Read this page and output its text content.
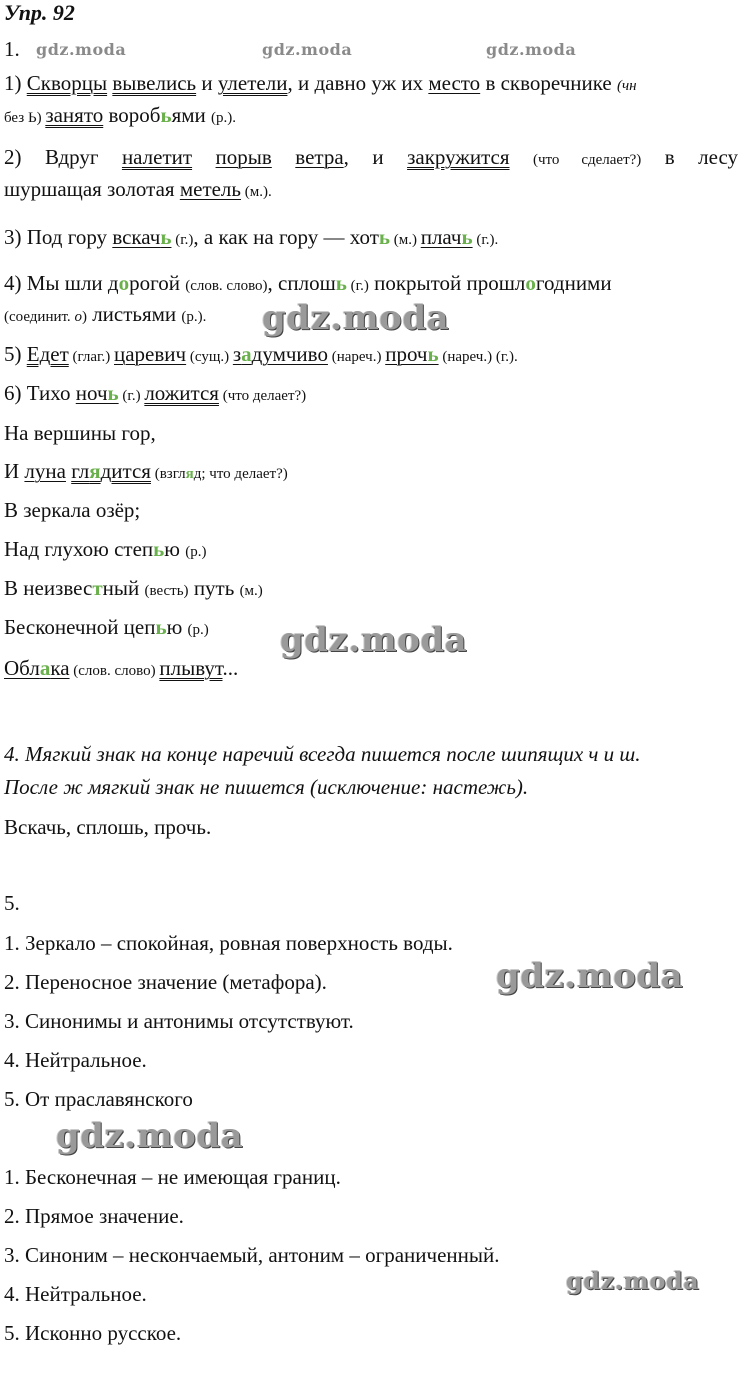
Упр. 92
1. gdz.moda	gdz.moda	gdz.moda
1) Скворцы вывелись и улетели, и давно уж их место в скворечнике (чн
без Ь) занято воробьями (р.).
2) Вдруг налетит порыв ветра, и закружится (что сделает?) в лесу
шуршащая золотая метель (м.).
3) Под гору вскачь (г.), а как на гору — хоть (м.) плачь (г.).
4) Мы шли дорогой (слов. слово), сплошь (г.) покрытой прошлогодними
(соединит. о) листьями (р.). gdz.moda
5) Едет (глаг.) царевич (сущ.) задумчиво (нареч.) прочь (нареч.) (г.).
6) Тихо ночь (г.) ложится (что делает?)
На вершины гор,
И луна глядится (взгляд; что делает?)
В зеркала озёр;
Над глухою степью (р.)
В неизвестный (весть) путь (м.)
Бесконечной цепью (р.) gdz.moda
Облака (слов. слово) плывут...
4. Мягкий знак на конце наречий всегда пишется после шипящих ч и ш.
После ж мягкий знак не пишется (исключение: настежь).
Вскачь, сплошь, прочь.
5.
1. Зеркало – спокойная, ровная поверхность воды.
2. Переносное значение (метафора).	gdz.moda
3. Синонимы и антонимы отсутствуют.
4. Нейтральное.
5. От праславянского
gdz.moda
1. Бесконечная – не имеющая границ.
2. Прямое значение.
3. Синоним – нескончаемый, антоним – ограниченный.
gdz.moda
4. Нейтральное.
5. Исконно русское.
